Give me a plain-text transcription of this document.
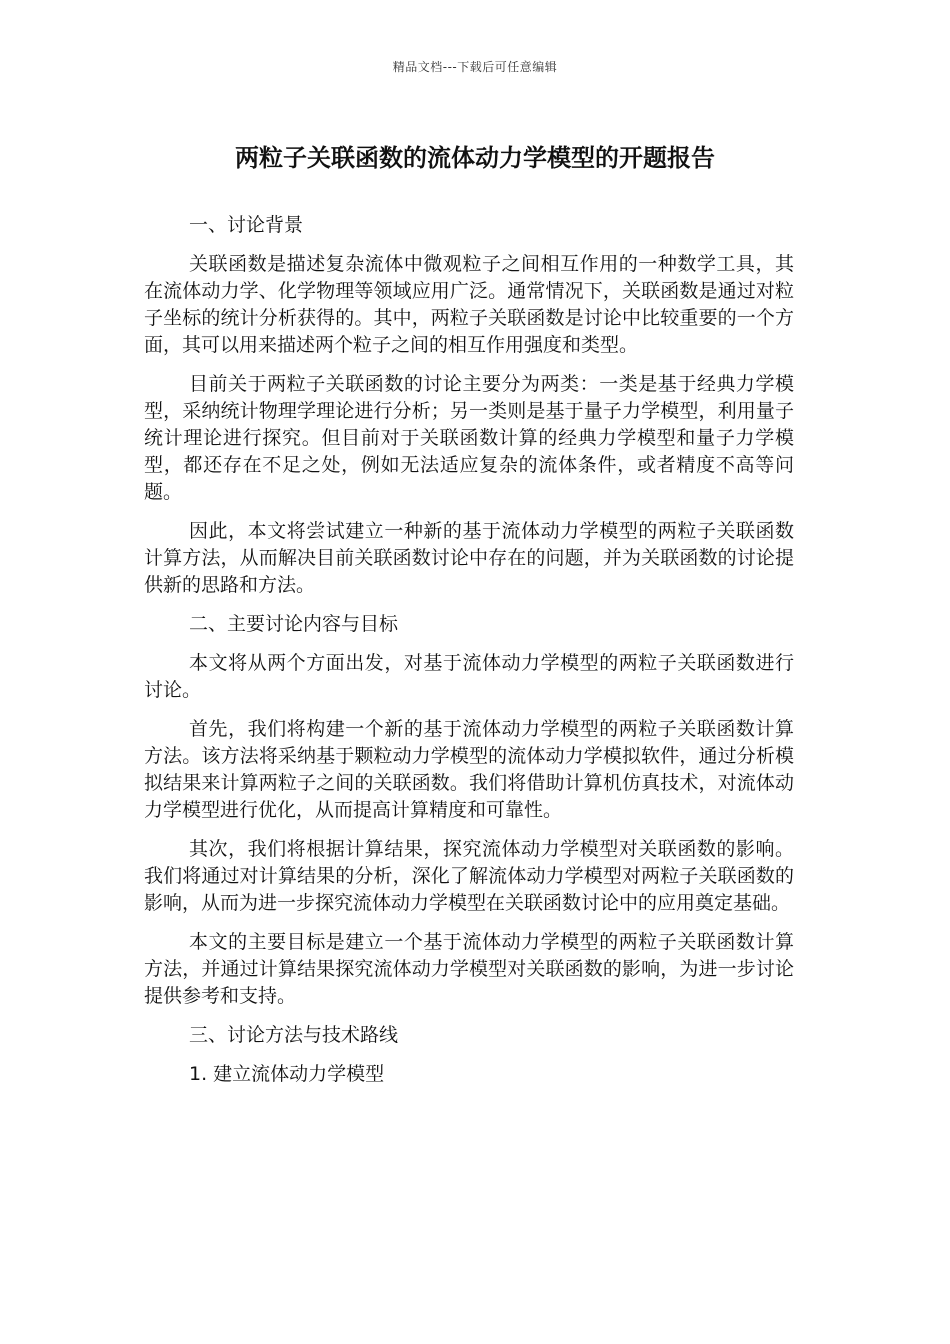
精品文档---下载后可任意编辑
两粒子关联函数的流体动力学模型的开题报告
一、讨论背景

关联函数是描述复杂流体中微观粒子之间相互作用的一种数学工具，其在流体动力学、化学物理等领域应用广泛。通常情况下，关联函数是通过对粒子坐标的统计分析获得的。其中，两粒子关联函数是讨论中比较重要的一个方面，其可以用来描述两个粒子之间的相互作用强度和类型。

目前关于两粒子关联函数的讨论主要分为两类：一类是基于经典力学模型，采纳统计物理学理论进行分析；另一类则是基于量子力学模型，利用量子统计理论进行探究。但目前对于关联函数计算的经典力学模型和量子力学模型，都还存在不足之处，例如无法适应复杂的流体条件，或者精度不高等问题。

因此，本文将尝试建立一种新的基于流体动力学模型的两粒子关联函数计算方法，从而解决目前关联函数讨论中存在的问题，并为关联函数的讨论提供新的思路和方法。

二、主要讨论内容与目标

本文将从两个方面出发，对基于流体动力学模型的两粒子关联函数进行讨论。

首先，我们将构建一个新的基于流体动力学模型的两粒子关联函数计算方法。该方法将采纳基于颗粒动力学模型的流体动力学模拟软件，通过分析模拟结果来计算两粒子之间的关联函数。我们将借助计算机仿真技术，对流体动力学模型进行优化，从而提高计算精度和可靠性。

其次，我们将根据计算结果，探究流体动力学模型对关联函数的影响。我们将通过对计算结果的分析，深化了解流体动力学模型对两粒子关联函数的影响，从而为进一步探究流体动力学模型在关联函数讨论中的应用奠定基础。

本文的主要目标是建立一个基于流体动力学模型的两粒子关联函数计算方法，并通过计算结果探究流体动力学模型对关联函数的影响，为进一步讨论提供参考和支持。

三、讨论方法与技术路线
1. 建立流体动力学模型
